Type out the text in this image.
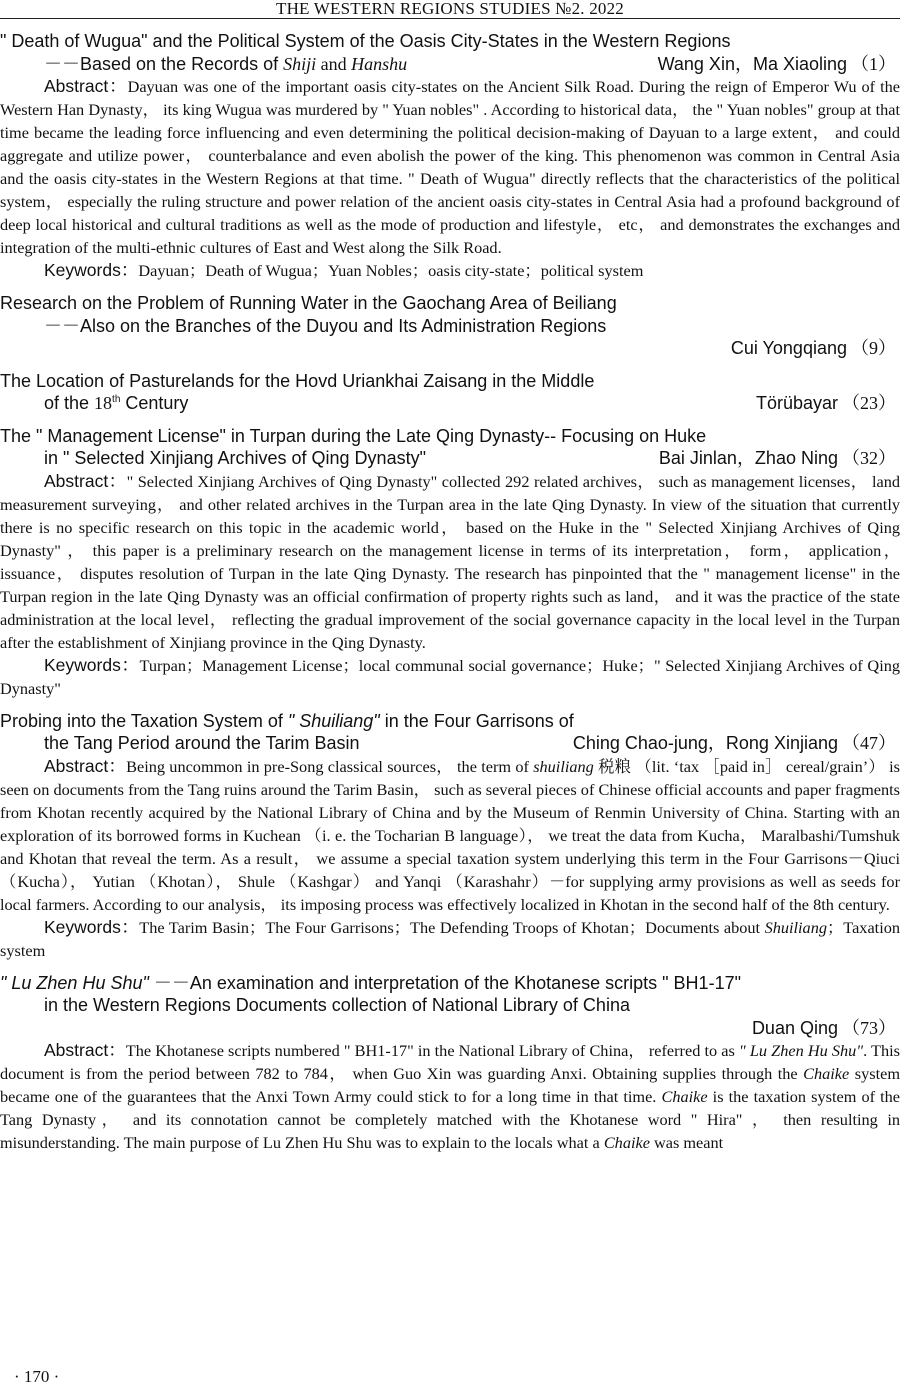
THE WESTERN REGIONS STUDIES №2. 2022

" Death of Wugua" and the Political System of the Oasis City-States in the Western Regions

－－Based on the Records of Shiji and Hanshu	Wang Xin，Ma Xiaoling （1）

Abstract：Dayuan was one of the important oasis city-states on the Ancient Silk Road. During the reign of Emperor Wu of the Western Han Dynasty， its king Wugua was murdered by " Yuan nobles" . According to historical data， the " Yuan nobles" group at that time became the leading force influencing and even determining the political decision-making of Dayuan to a large extent， and could aggregate and utilize power， counterbalance and even abolish the power of the king. This phenomenon was common in Central Asia and the oasis city-states in the Western Regions at that time. " Death of Wugua" directly reflects that the characteristics of the political system， especially the ruling structure and power relation of the ancient oasis city-states in Central Asia had a profound background of deep local historical and cultural traditions as well as the mode of production and lifestyle， etc， and demonstrates the exchanges and integration of the multi-ethnic cultures of East and West along the Silk Road.

Keywords：Dayuan；Death of Wugua；Yuan Nobles；oasis city-state；political system

Research on the Problem of Running Water in the Gaochang Area of Beiliang

－－Also on the Branches of the Duyou and Its Administration Regions

Cui Yongqiang （9）

The Location of Pasturelands for the Hovd Uriankhai Zaisang in the Middle

of the 18th Century	Törübayar （23）

The " Management License" in Turpan during the Late Qing Dynasty-- Focusing on Huke

in " Selected Xinjiang Archives of Qing Dynasty"	Bai Jinlan，Zhao Ning （32）

Abstract：" Selected Xinjiang Archives of Qing Dynasty" collected 292 related archives， such as management licenses， land measurement surveying， and other related archives in the Turpan area in the late Qing Dynasty. In view of the situation that currently there is no specific research on this topic in the academic world， based on the Huke in the " Selected Xinjiang Archives of Qing Dynasty" ， this paper is a preliminary research on the management license in terms of its interpretation， form， application， issuance， disputes resolution of Turpan in the late Qing Dynasty. The research has pinpointed that the " management license" in the Turpan region in the late Qing Dynasty was an official confirmation of property rights such as land， and it was the practice of the state administration at the local level， reflecting the gradual improvement of the social governance capacity in the local level in the Turpan after the establishment of Xinjiang province in the Qing Dynasty.

Keywords：Turpan；Management License；local communal social governance；Huke；" Selected Xinjiang Archives of Qing Dynasty"

Probing into the Taxation System of " Shuiliang" in the Four Garrisons of

the Tang Period around the Tarim Basin	Ching Chao-jung，Rong Xinjiang （47）

Abstract：Being uncommon in pre-Song classical sources， the term of shuiliang 税粮 （lit. ‘tax ［paid in］ cereal/grain’） is seen on documents from the Tang ruins around the Tarim Basin， such as several pieces of Chinese official accounts and paper fragments from Khotan recently acquired by the National Library of China and by the Museum of Renmin University of China. Starting with an exploration of its borrowed forms in Kuchean （i. e. the Tocharian B language）， we treat the data from Kucha， Maralbashi/Tumshuk and Khotan that reveal the term. As a result， we assume a special taxation system underlying this term in the Four Garrisons－Qiuci （Kucha）， Yutian （Khotan）， Shule （Kashgar） and Yanqi （Karashahr）－for supplying army provisions as well as seeds for local farmers. According to our analysis， its imposing process was effectively localized in Khotan in the second half of the 8th century.

Keywords：The Tarim Basin；The Four Garrisons；The Defending Troops of Khotan；Documents about Shuiliang；Taxation system

" Lu Zhen Hu Shu" －－An examination and interpretation of the Khotanese scripts " BH1-17"

in the Western Regions Documents collection of National Library of China

Duan Qing （73）

Abstract：The Khotanese scripts numbered " BH1-17" in the National Library of China， referred to as " Lu Zhen Hu Shu". This document is from the period between 782 to 784， when Guo Xin was guarding Anxi. Obtaining supplies through the Chaike system became one of the guarantees that the Anxi Town Army could stick to for a long time in that time. Chaike is the taxation system of the Tang Dynasty， and its connotation cannot be completely matched with the Khotanese word " Hira" ， then resulting in misunderstanding. The main purpose of Lu Zhen Hu Shu was to explain to the locals what a Chaike was meant

· 170 ·
